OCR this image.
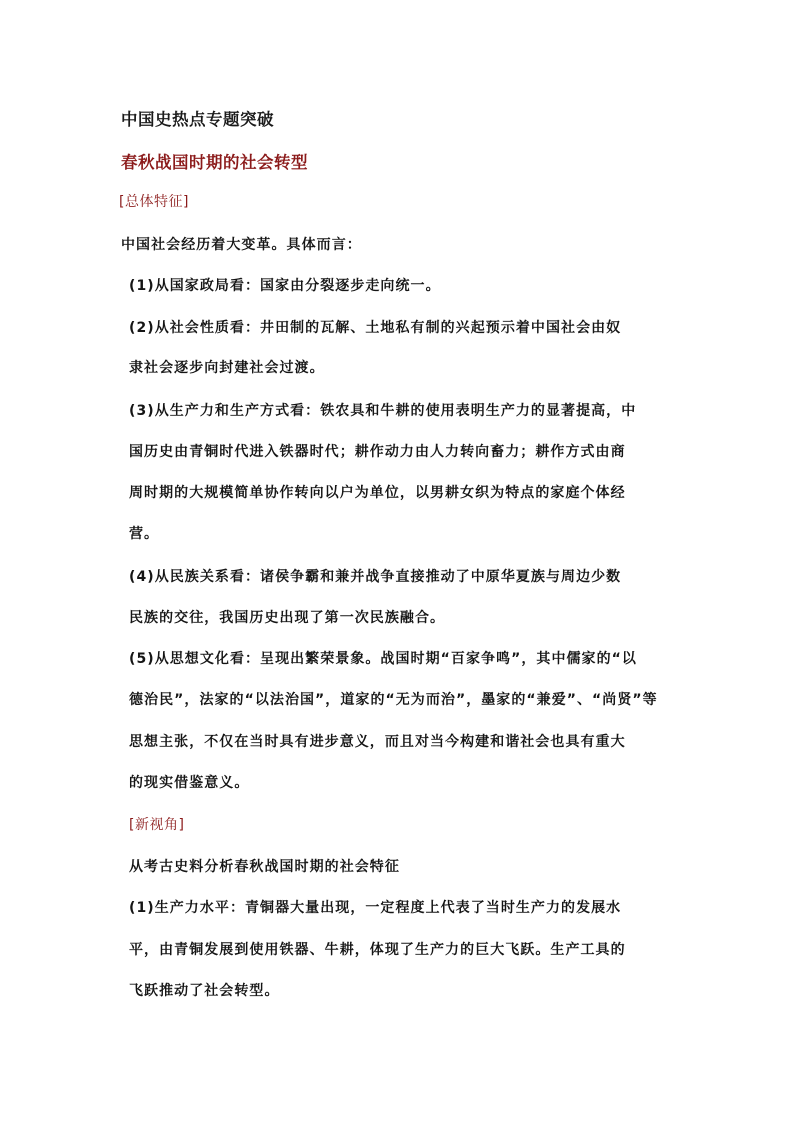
中国史热点专题突破
春秋战国时期的社会转型
[总体特征]
中国社会经历着大变革。具体而言：
(1)从国家政局看：国家由分裂逐步走向统一。
(2)从社会性质看：井田制的瓦解、土地私有制的兴起预示着中国社会由奴
隶社会逐步向封建社会过渡。
(3)从生产力和生产方式看：铁农具和牛耕的使用表明生产力的显著提高，中
国历史由青铜时代进入铁器时代；耕作动力由人力转向畜力；耕作方式由商
周时期的大规模简单协作转向以户为单位，以男耕女织为特点的家庭个体经
营。
(4)从民族关系看：诸侯争霸和兼并战争直接推动了中原华夏族与周边少数
民族的交往，我国历史出现了第一次民族融合。
(5)从思想文化看：呈现出繁荣景象。战国时期“百家争鸣”，其中儒家的“以
德治民”，法家的“以法治国”，道家的“无为而治”，墨家的“兼爱”、“尚贤”等
思想主张，不仅在当时具有进步意义，而且对当今构建和谐社会也具有重大
的现实借鉴意义。
[新视角]
从考古史料分析春秋战国时期的社会特征
(1)生产力水平：青铜器大量出现，一定程度上代表了当时生产力的发展水
平，由青铜发展到使用铁器、牛耕，体现了生产力的巨大飞跃。生产工具的
飞跃推动了社会转型。
